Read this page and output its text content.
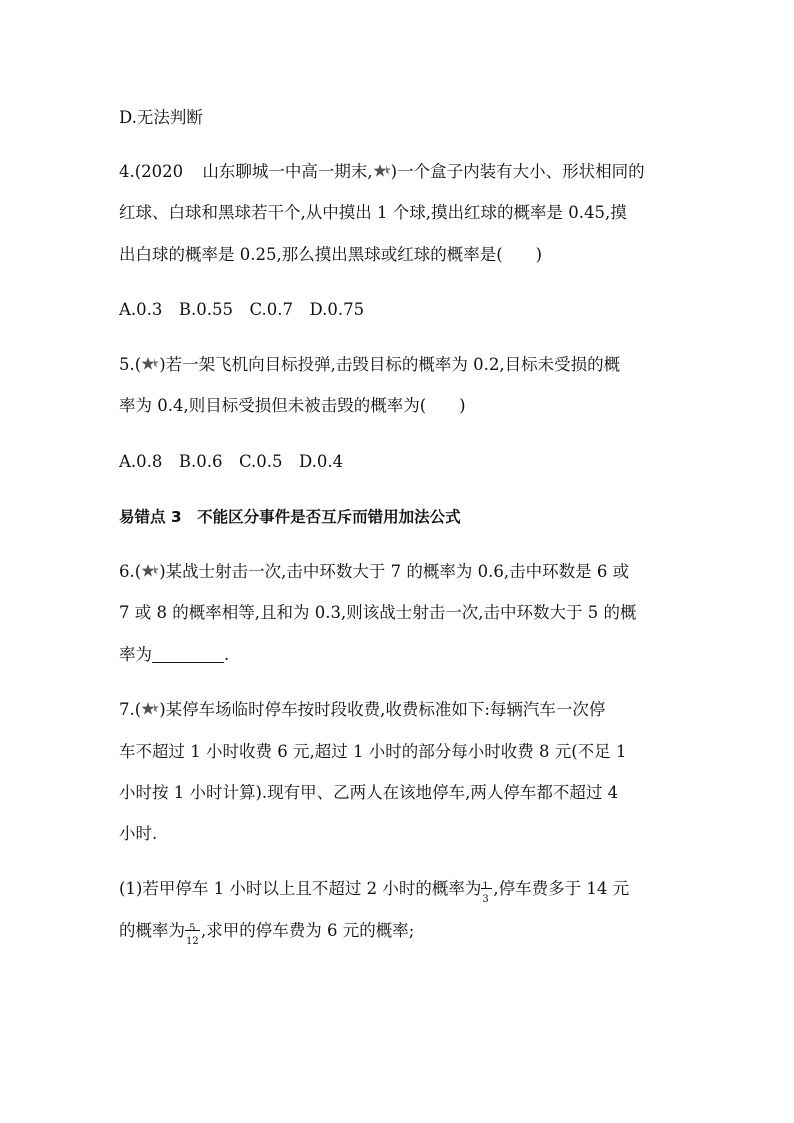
D.无法判断
4.(2020 山东聊城一中高一期末, )一个盒子内装有大小、形状相同的
红球、白球和黑球若干个,从中摸出 1 个球,摸出红球的概率是 0.45,摸
出白球的概率是 0.25,那么摸出黑球或红球的概率是(　　)
A.0.3　B.0.55　C.0.7　D.0.75
5.( )若一架飞机向目标投弹,击毁目标的概率为 0.2,目标未受损的概
率为 0.4,则目标受损但未被击毁的概率为(　　)
A.0.8　B.0.6　C.0.5　D.0.4
易错点 3　不能区分事件是否互斥而错用加法公式
6.( )某战士射击一次,击中环数大于 7 的概率为 0.6,击中环数是 6 或
7 或 8 的概率相等,且和为 0.3,则该战士射击一次,击中环数大于 5 的概
率为	.
7.( )某停车场临时停车按时段收费,收费标准如下:每辆汽车一次停
车不超过 1 小时收费 6 元,超过 1 小时的部分每小时收费 8 元(不足 1
小时按 1 小时计算).现有甲、乙两人在该地停车,两人停车都不超过 4
小时.
(1)若甲停车 1 小时以上且不超过 2 小时的概率为 1
3
,停车费多于 14 元
的概率为 5
12
,求甲的停车费为 6 元的概率;
